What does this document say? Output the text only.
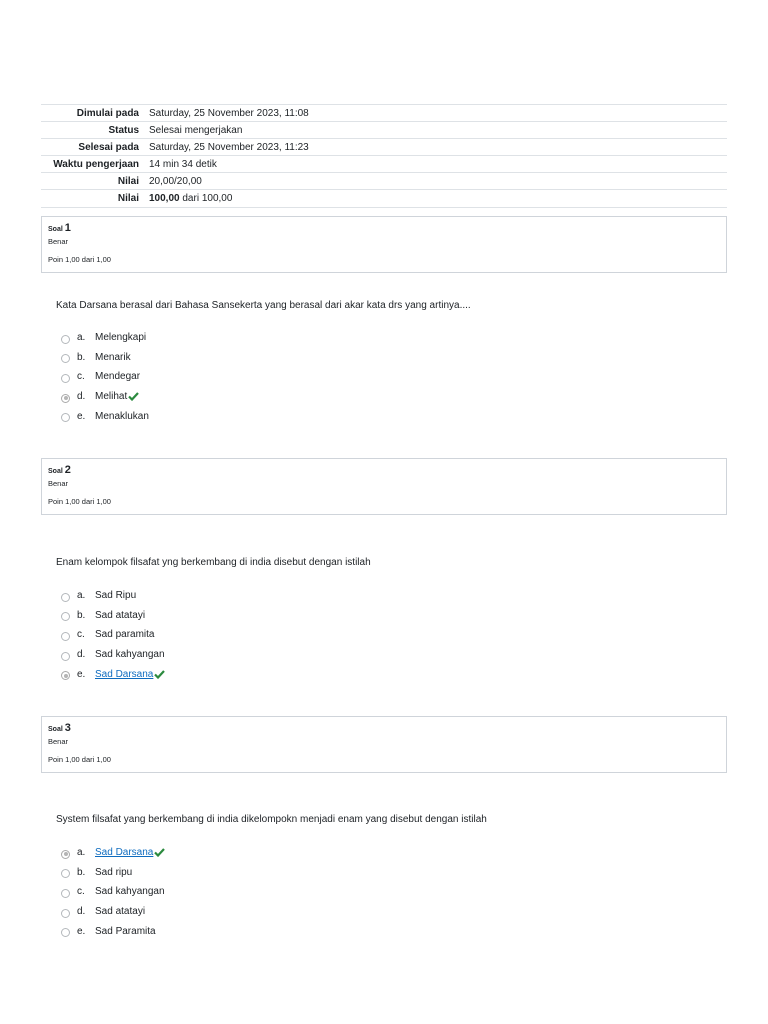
Dimulai pada	Saturday, 25 November 2023, 11:08
Status	Selesai mengerjakan
Selesai pada	Saturday, 25 November 2023, 11:23
Waktu pengerjaan	14 min 34 detik
Nilai	20,00/20,00
Nilai	100,00 dari 100,00
Soal 1
Benar
Poin 1,00 dari 1,00
Kata Darsana berasal dari Bahasa Sansekerta yang berasal dari akar kata drs yang artinya....
a. Melengkapi
b. Menarik
c.	Mendegar
d. Melihat
e. Menaklukan
Soal 2
Benar
Poin 1,00 dari 1,00
Enam kelompok filsafat yng berkembang di india disebut dengan istilah
a. Sad Ripu
b. Sad atatayi
c.	Sad paramita
d. Sad kahyangan
e. Sad Darsana
Soal 3
Benar
Poin 1,00 dari 1,00
System filsafat yang berkembang di india dikelompokn menjadi enam yang disebut dengan istilah
a. Sad Darsana
b. Sad ripu
c.	Sad kahyangan
d. Sad atatayi
e. Sad Paramita
